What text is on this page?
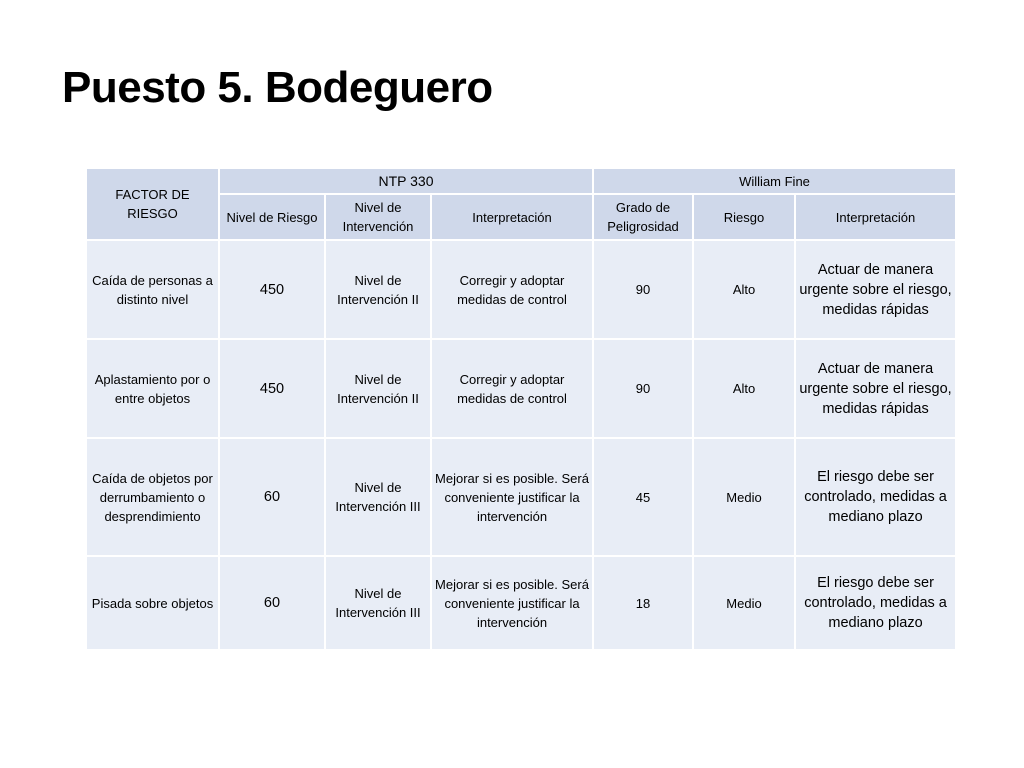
Puesto 5. Bodeguero
FACTOR DE RIESGO	NTP 330			William Fine		
	Nivel de Riesgo	Nivel de Intervención	Interpretación	Grado de Peligrosidad	Riesgo	Interpretación
Caída de personas a distinto nivel	450	Nivel de Intervención II	Corregir y adoptar medidas de control	90	Alto	Actuar de manera urgente sobre el riesgo, medidas rápidas
Aplastamiento por o entre objetos	450	Nivel de Intervención II	Corregir y adoptar medidas de control	90	Alto	Actuar de manera urgente sobre el riesgo, medidas rápidas
Caída de objetos por derrumbamiento o desprendimiento	60	Nivel de Intervención III	Mejorar si es posible. Será conveniente justificar la intervención	45	Medio	El riesgo debe ser controlado, medidas a mediano plazo
Pisada sobre objetos	60	Nivel de Intervención III	Mejorar si es posible. Será conveniente justificar la intervención	18	Medio	El riesgo debe ser controlado, medidas a mediano plazo
